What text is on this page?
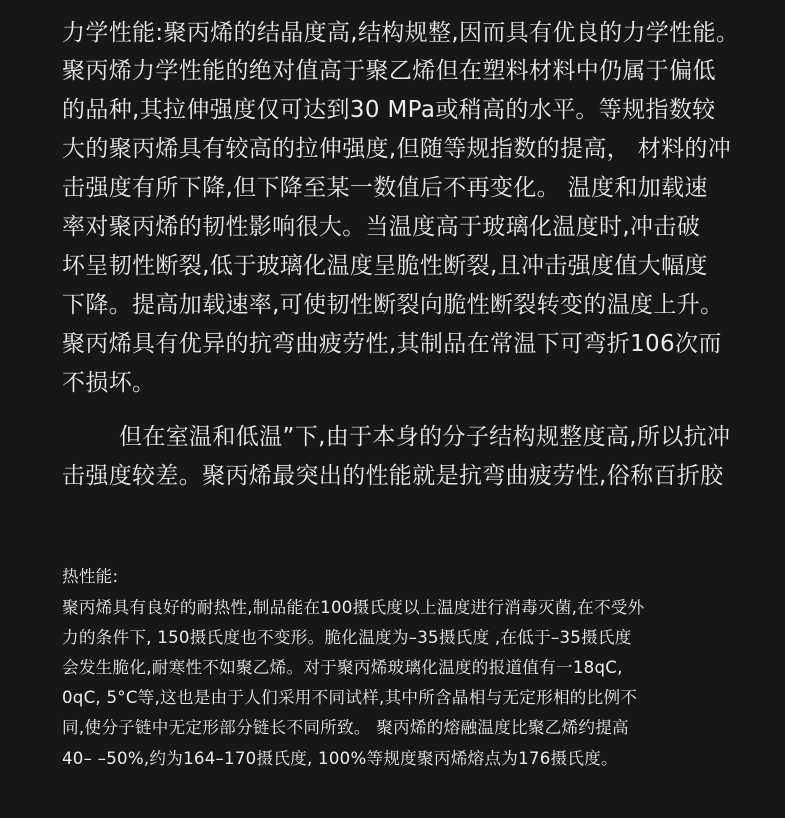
力学性能:聚丙烯的结晶度高,结构规整,因而具有优良的力学性能。

聚丙烯力学性能的绝对值高于聚乙烯但在塑料材料中仍属于偏低

的品种,其拉伸强度仅可达到30 MPa或稍高的水平。等规指数较

大的聚丙烯具有较高的拉伸强度,但随等规指数的提高， 材料的冲

击强度有所下降,但下降至某一数值后不再变化。 温度和加载速

率对聚丙烯的韧性影响很大。当温度高于玻璃化温度时,冲击破

坏呈韧性断裂,低于玻璃化温度呈脆性断裂,且冲击强度值大幅度

下降。提高加载速率,可使韧性断裂向脆性断裂转变的温度上升。

聚丙烯具有优异的抗弯曲疲劳性,其制品在常温下可弯折106次而

不损坏。

但在室温和低温”下,由于本身的分子结构规整度高,所以抗冲

击强度较差。聚丙烯最突出的性能就是抗弯曲疲劳性,俗称百折胶

热性能:

聚丙烯具有良好的耐热性,制品能在100摄氏度以上温度进行消毒灭菌,在不受外

力的条件下, 150摄氏度也不变形。脆化温度为–35摄氏度 ,在低于–35摄氏度

会发生脆化,耐寒性不如聚乙烯。对于聚丙烯玻璃化温度的报道值有一18qC,

0qC, 5°C等,这也是由于人们采用不同试样,其中所含晶相与无定形相的比例不

同,使分子链中无定形部分链长不同所致。 聚丙烯的熔融温度比聚乙烯约提高

40– –50%,约为164–170摄氏度, 100%等规度聚丙烯熔点为176摄氏度。
